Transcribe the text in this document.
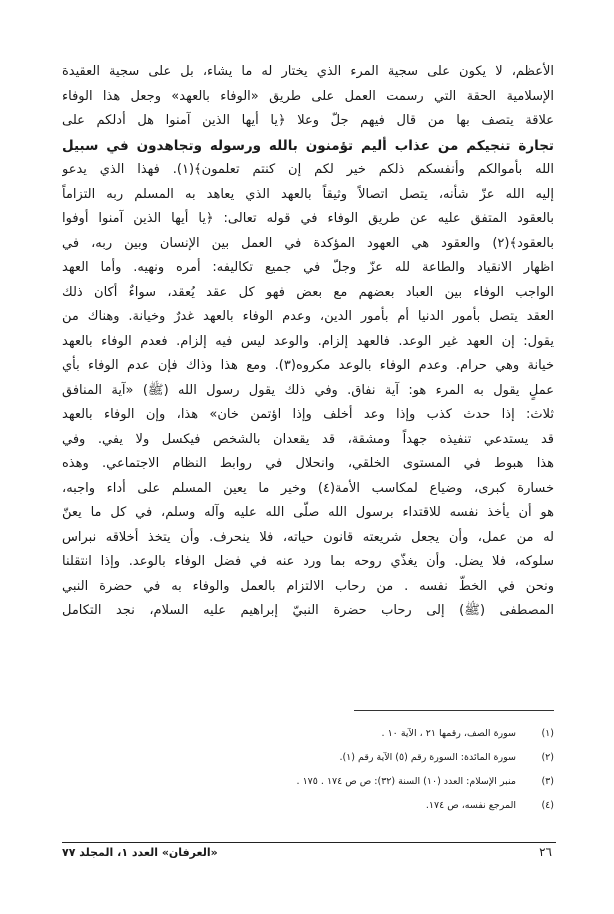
الأعظم، لا يكون على سجية المرء الذي يختار له ما يشاء، بل على سجية العقيدة
الإسلامية الحقة التي رسمت العمل على طريق «الوفاء بالعهد» وجعل هذا الوفاء
علاقة يتصف بها من قال فيهم جلّ وعلا ﴿يا أيها الذين آمنوا هل أدلكم على
تجارة تنجيكم من عذاب أليم تؤمنون بالله ورسوله وتجاهدون في سبيل
الله بأموالكم وأنفسكم ذلكم خير لكم إن كنتم تعلمون﴾(١). فهذا الذي يدعو
إليه الله عزّ شأنه، يتصل اتصالاً وثيقاً بالعهد الذي يعاهد به المسلم ربه التزاماً
بالعقود المتفق عليه عن طريق الوفاء في قوله تعالى: ﴿يا أيها الذين آمنوا أوفوا
بالعقود﴾(٢) والعقود هي العهود المؤكدة في العمل بين الإنسان وبين ربه، في
اظهار الانقياد والطاعة لله عزّ وجلّ في جميع تكاليفه: أمره ونهيه. وأما العهد
الواجب الوفاء بين العباد بعضهم مع بعض فهو كل عقد يُعقد، سواءٌ أكان ذلك
العقد يتصل بأمور الدنيا أم بأمور الدين، وعدم الوفاء بالعهد غدرٌ وخيانة. وهناك من
يقول: إن العهد غير الوعد. فالعهد إلزام. والوعد ليس فيه إلزام. فعدم الوفاء بالعهد
خيانة وهي حرام. وعدم الوفاء بالوعد مكروه(٣). ومع هذا وذاك فإن عدم الوفاء بأي
عملٍ يقول به المرء هو: آية نفاق. وفي ذلك يقول رسول الله (ﷺ) «آية المنافق
ثلاث: إذا حدث كذب وإذا وعد أخلف وإذا اؤتمن خان» هذا، وإن الوفاء بالعهد
قد يستدعي تنفيذه جهداً ومشقة، قد يقعدان بالشخص فيكسل ولا يفي. وفي
هذا هبوط في المستوى الخلقي، وانحلال في روابط النظام الاجتماعي. وهذه
خسارة كبرى، وضياع لمكاسب الأمة(٤) وخير ما يعين المسلم على أداء واجبه،
هو أن يأخذ نفسه للاقتداء برسول الله صلّى الله عليه وآله وسلم، في كل ما يعنّ
له من عمل، وأن يجعل شريعته قانون حياته، فلا ينحرف. وأن يتخذ أخلاقه نبراس
سلوكه، فلا يضل. وأن يغذّي روحه بما ورد عنه في فضل الوفاء بالوعد. وإذا انتقلنا
ونحن في الخطّ نفسه . من رحاب الالتزام بالعمل والوفاء به في حضرة النبي
المصطفى (ﷺ) إلى رحاب حضرة النبيّ إبراهيم عليه السلام، نجد التكامل
(١)
سورة الصف، رقمها ٢١ ، الآية ١٠ .
(٢)
سورة المائدة: السورة رقم (٥) الآية رقم (١).
(٣)
منبر الإسلام: العدد (١٠) السنة (٣٢): ص ص ١٧٤ . ١٧٥ .
(٤)
المرجع نفسه، ص ١٧٤.
٢٦
«العرفان» العدد ١، المجلد ٧٧
